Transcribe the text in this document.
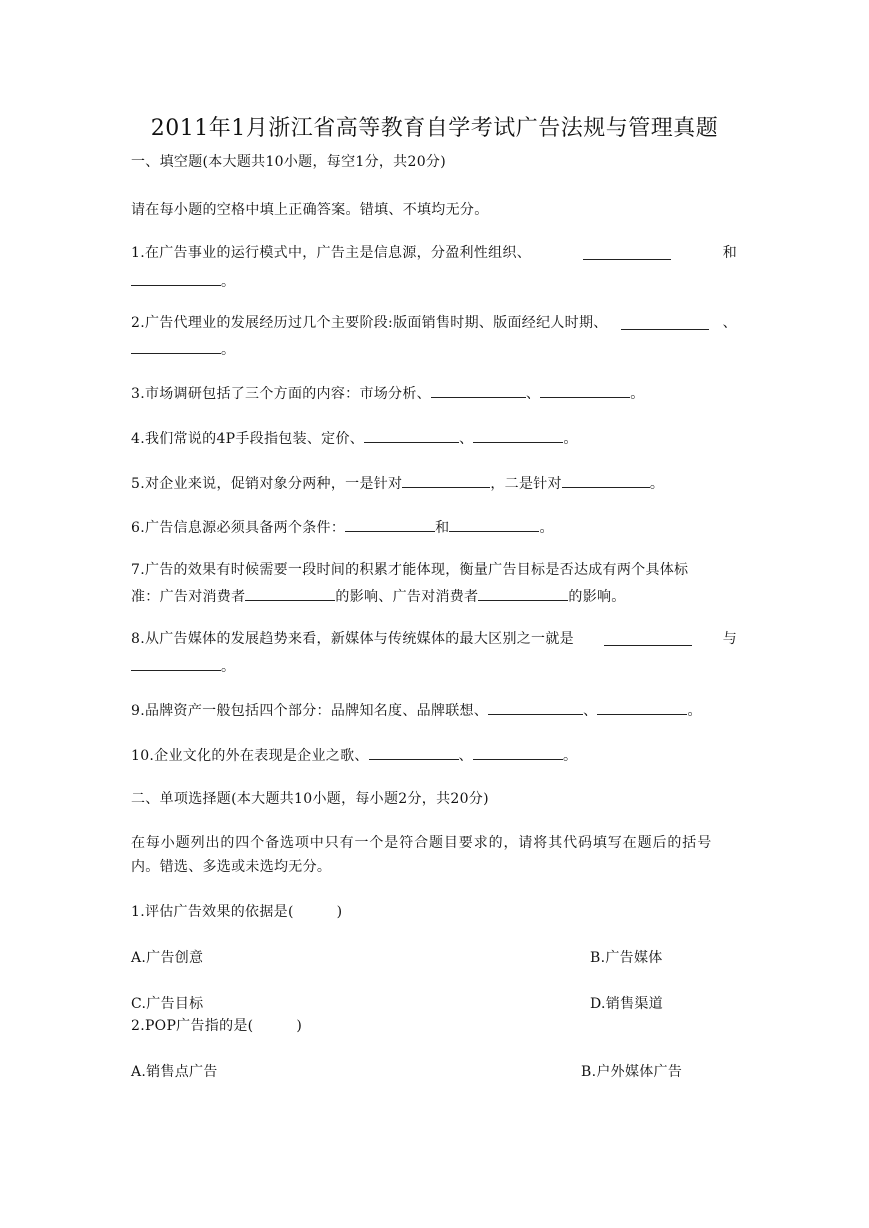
2011年1月浙江省高等教育自学考试广告法规与管理真题
一、填空题(本大题共10小题，每空1分，共20分)
请在每小题的空格中填上正确答案。错填、不填均无分。
1.在广告事业的运行模式中，广告主是信息源，分盈利性组织、	和
。
2.广告代理业的发展经历过几个主要阶段:版面销售时期、版面经纪人时期、	、
。
3.市场调研包括了三个方面的内容：市场分析、	、	。
4.我们常说的4P手段指包装、定价、	、	。
5.对企业来说，促销对象分两种，一是针对	，二是针对	。
6.广告信息源必须具备两个条件：	和	。
7.广告的效果有时候需要一段时间的积累才能体现，衡量广告目标是否达成有两个具体标
准：广告对消费者	的影响、广告对消费者	的影响。
8.从广告媒体的发展趋势来看，新媒体与传统媒体的最大区别之一就是	与
。
9.品牌资产一般包括四个部分：品牌知名度、品牌联想、	、	。
10.企业文化的外在表现是企业之歌、	、	。
二、单项选择题(本大题共10小题，每小题2分，共20分)
在每小题列出的四个备选项中只有一个是符合题目要求的，请将其代码填写在题后的括号
内。错选、多选或未选均无分。
1.评估广告效果的依据是(　　　)
A.广告创意	B.广告媒体
C.广告目标	D.销售渠道
2.POP广告指的是(　　　)
A.销售点广告	B.户外媒体广告
